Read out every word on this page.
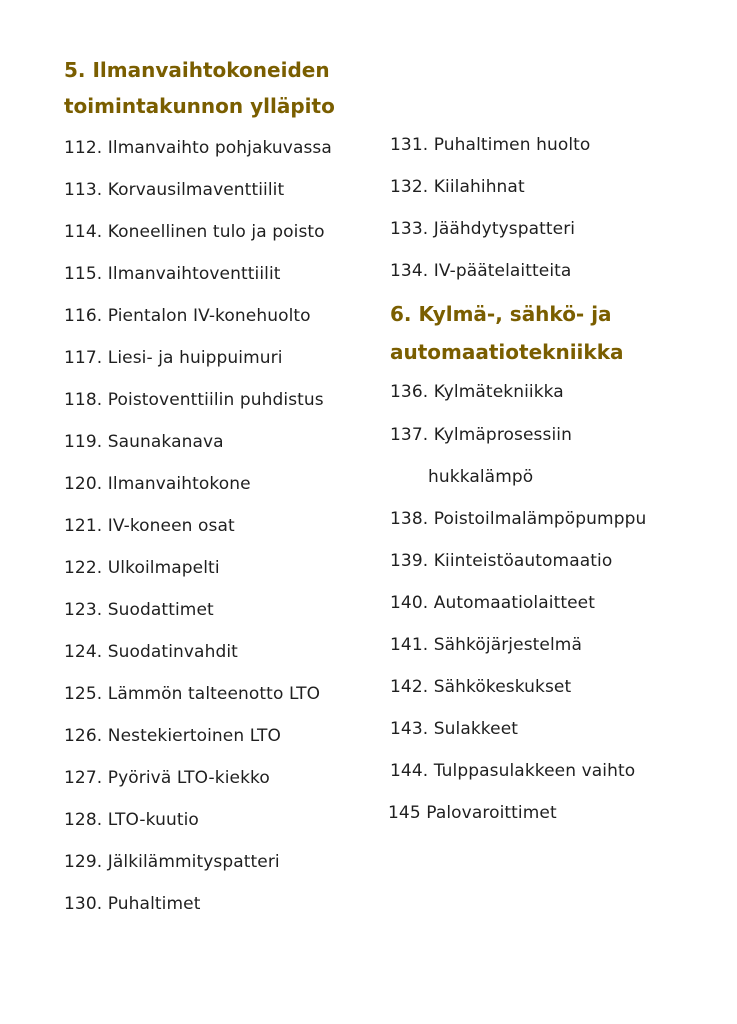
5. Ilmanvaihtokoneiden
toimintakunnon ylläpito
112. Ilmanvaihto pohjakuvassa
113. Korvausilmaventtiilit
114. Koneellinen tulo ja poisto
115. Ilmanvaihtoventtiilit
116. Pientalon IV-konehuolto
117. Liesi- ja huippuimuri
118. Poistoventtiilin puhdistus
119. Saunakanava
120. Ilmanvaihtokone
121. IV-koneen osat
122. Ulkoilmapelti
123. Suodattimet
124. Suodatinvahdit
125. Lämmön talteenotto LTO
126. Nestekiertoinen LTO
127. Pyörivä LTO-kiekko
128. LTO-kuutio
129. Jälkilämmityspatteri
130. Puhaltimet
131. Puhaltimen huolto
132. Kiilahihnat
133. Jäähdytyspatteri
134. IV-päätelaitteita
6. Kylmä-, sähkö- ja
automaatiotekniikka
136. Kylmätekniikka
137. Kylmäprosessiin
hukkalämpö
138. Poistoilmalämpöpumppu
139. Kiinteistöautomaatio
140. Automaatiolaitteet
141. Sähköjärjestelmä
142. Sähkökeskukset
143. Sulakkeet
144. Tulppasulakkeen vaihto
145 Palovaroittimet
